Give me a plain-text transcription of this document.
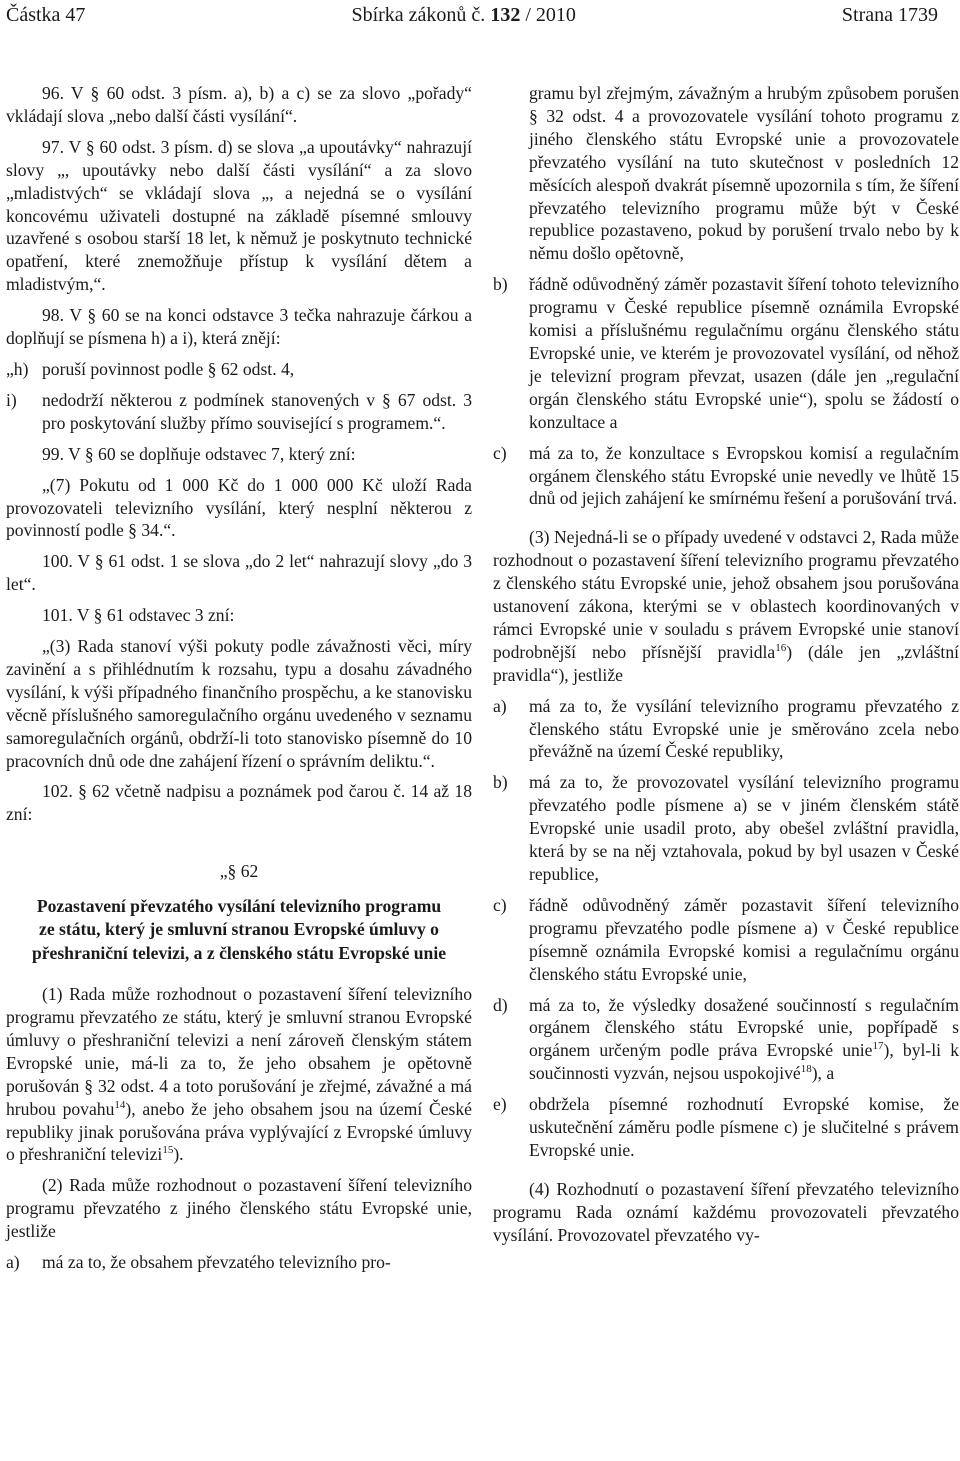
Částka 47	Sbírka zákonů č. 132 / 2010	Strana 1739

96. V § 60 odst. 3 písm. a), b) a c) se za slovo „pořady“ vkládají slova „nebo další části vysílání“.

97. V § 60 odst. 3 písm. d) se slova „a upoutávky“ nahrazují slovy „, upoutávky nebo další části vysílání“ a za slovo „mladistvých“ se vkládají slova „, a nejedná se o vysílání koncovému uživateli dostupné na základě písemné smlouvy uzavřené s osobou starší 18 let, k němuž je poskytnuto technické opatření, které znemožňuje přístup k vysílání dětem a mladistvým,“.

98. V § 60 se na konci odstavce 3 tečka nahrazuje čárkou a doplňují se písmena h) a i), která znějí:

„h) poruší povinnost podle § 62 odst. 4,
i)	nedodrží některou z podmínek stanovených v § 67 odst. 3 pro poskytování služby přímo související s programem.“.

99. V § 60 se doplňuje odstavec 7, který zní:

„(7) Pokutu od 1 000 Kč do 1 000 000 Kč uloží Rada provozovateli televizního vysílání, který nesplní některou z povinností podle § 34.“.

100. V § 61 odst. 1 se slova „do 2 let“ nahrazují slovy „do 3 let“.

101. V § 61 odstavec 3 zní:

„(3) Rada stanoví výši pokuty podle závažnosti věci, míry zavinění a s přihlédnutím k rozsahu, typu a dosahu závadného vysílání, k výši případného finančního prospěchu, a ke stanovisku věcně příslušného samoregulačního orgánu uvedeného v seznamu samoregulačních orgánů, obdrží-li toto stanovisko písemně do 10 pracovních dnů ode dne zahájení řízení o správním deliktu.“.

102. § 62 včetně nadpisu a poznámek pod čarou č. 14 až 18 zní:

„§ 62

Pozastavení převzatého vysílání televizního programu ze státu, který je smluvní stranou Evropské úmluvy o přeshraniční televizi, a z členského státu Evropské unie

(1) Rada může rozhodnout o pozastavení šíření televizního programu převzatého ze státu, který je smluvní stranou Evropské úmluvy o přeshraniční televizi a není zároveň členským státem Evropské unie, má-li za to, že jeho obsahem je opětovně porušován § 32 odst. 4 a toto porušování je zřejmé, závažné a má hrubou povahu$^{14}$), anebo že jeho obsahem jsou na území České republiky jinak porušována práva vyplývající z Evropské úmluvy o přeshraniční televizi$^{15}$).

(2) Rada může rozhodnout o pozastavení šíření televizního programu převzatého z jiného členského státu Evropské unie, jestliže

a)	má za to, že obsahem převzatého televizního pro-

gramu byl zřejmým, závažným a hrubým způsobem porušen § 32 odst. 4 a provozovatele vysílání tohoto programu z jiného členského státu Evropské unie a provozovatele převzatého vysílání na tuto skutečnost v posledních 12 měsících alespoň dvakrát písemně upozornila s tím, že šíření převzatého televizního programu může být v České republice pozastaveno, pokud by porušení trvalo nebo by k němu došlo opětovně,

b)	řádně odůvodněný záměr pozastavit šíření tohoto televizního programu v České republice písemně oznámila Evropské komisi a příslušnému regulačnímu orgánu členského státu Evropské unie, ve kterém je provozovatel vysílání, od něhož je televizní program převzat, usazen (dále jen „regulační orgán členského státu Evropské unie“), spolu se žádostí o konzultace a
c)	má za to, že konzultace s Evropskou komisí a regulačním orgánem členského státu Evropské unie nevedly ve lhůtě 15 dnů od jejich zahájení ke smírnému řešení a porušování trvá.

(3) Nejedná-li se o případy uvedené v odstavci 2, Rada může rozhodnout o pozastavení šíření televizního programu převzatého z členského státu Evropské unie, jehož obsahem jsou porušována ustanovení zákona, kterými se v oblastech koordinovaných v rámci Evropské unie v souladu s právem Evropské unie stanoví podrobnější nebo přísnější pravidla$^{16}$) (dále jen „zvláštní pravidla“), jestliže

a)	má za to, že vysílání televizního programu převzatého z členského státu Evropské unie je směrováno zcela nebo převážně na území České republiky,
b)	má za to, že provozovatel vysílání televizního programu převzatého podle písmene a) se v jiném členském státě Evropské unie usadil proto, aby obešel zvláštní pravidla, která by se na něj vztahovala, pokud by byl usazen v České republice,
c)	řádně odůvodněný záměr pozastavit šíření televizního programu převzatého podle písmene a) v České republice písemně oznámila Evropské komisi a regulačnímu orgánu členského státu Evropské unie,
d)	má za to, že výsledky dosažené součinností s regulačním orgánem členského státu Evropské unie, popřípadě s orgánem určeným podle práva Evropské unie$^{17}$), byl-li k součinnosti vyzván, nejsou uspokojivé$^{18}$), a
e)	obdržela písemné rozhodnutí Evropské komise, že uskutečnění záměru podle písmene c) je slučitelné s právem Evropské unie.

(4) Rozhodnutí o pozastavení šíření převzatého televizního programu Rada oznámí každému provozovateli převzatého vysílání. Provozovatel převzatého vy-
